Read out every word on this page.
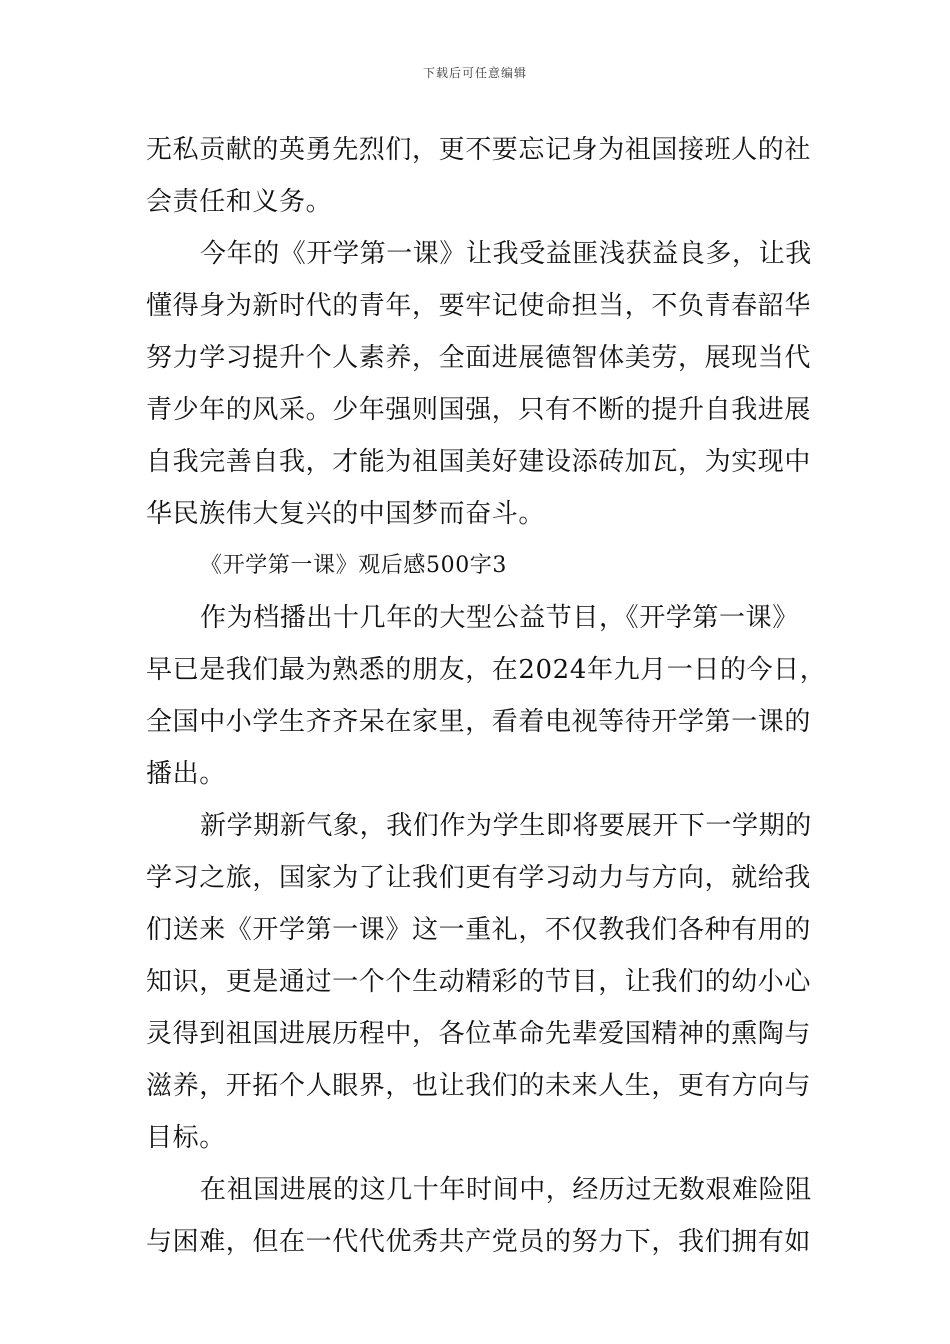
下载后可任意编辑
无私贡献的英勇先烈们，更不要忘记身为祖国接班人的社
会责任和义务。
今年的《开学第一课》让我受益匪浅获益良多，让我
懂得身为新时代的青年，要牢记使命担当，不负青春韶华
努力学习提升个人素养，全面进展德智体美劳，展现当代
青少年的风采。少年强则国强，只有不断的提升自我进展
自我完善自我，才能为祖国美好建设添砖加瓦，为实现中
华民族伟大复兴的中国梦而奋斗。
《开学第一课》观后感500字3
作为档播出十几年的大型公益节目，《开学第一课》
早已是我们最为熟悉的朋友，在2024年九月一日的今日，
全国中小学生齐齐呆在家里，看着电视等待开学第一课的
播出。
新学期新气象，我们作为学生即将要展开下一学期的
学习之旅，国家为了让我们更有学习动力与方向，就给我
们送来《开学第一课》这一重礼，不仅教我们各种有用的
知识，更是通过一个个生动精彩的节目，让我们的幼小心
灵得到祖国进展历程中，各位革命先辈爱国精神的熏陶与
滋养，开拓个人眼界，也让我们的未来人生，更有方向与
目标。
在祖国进展的这几十年时间中，经历过无数艰难险阻
与困难，但在一代代优秀共产党员的努力下，我们拥有如
